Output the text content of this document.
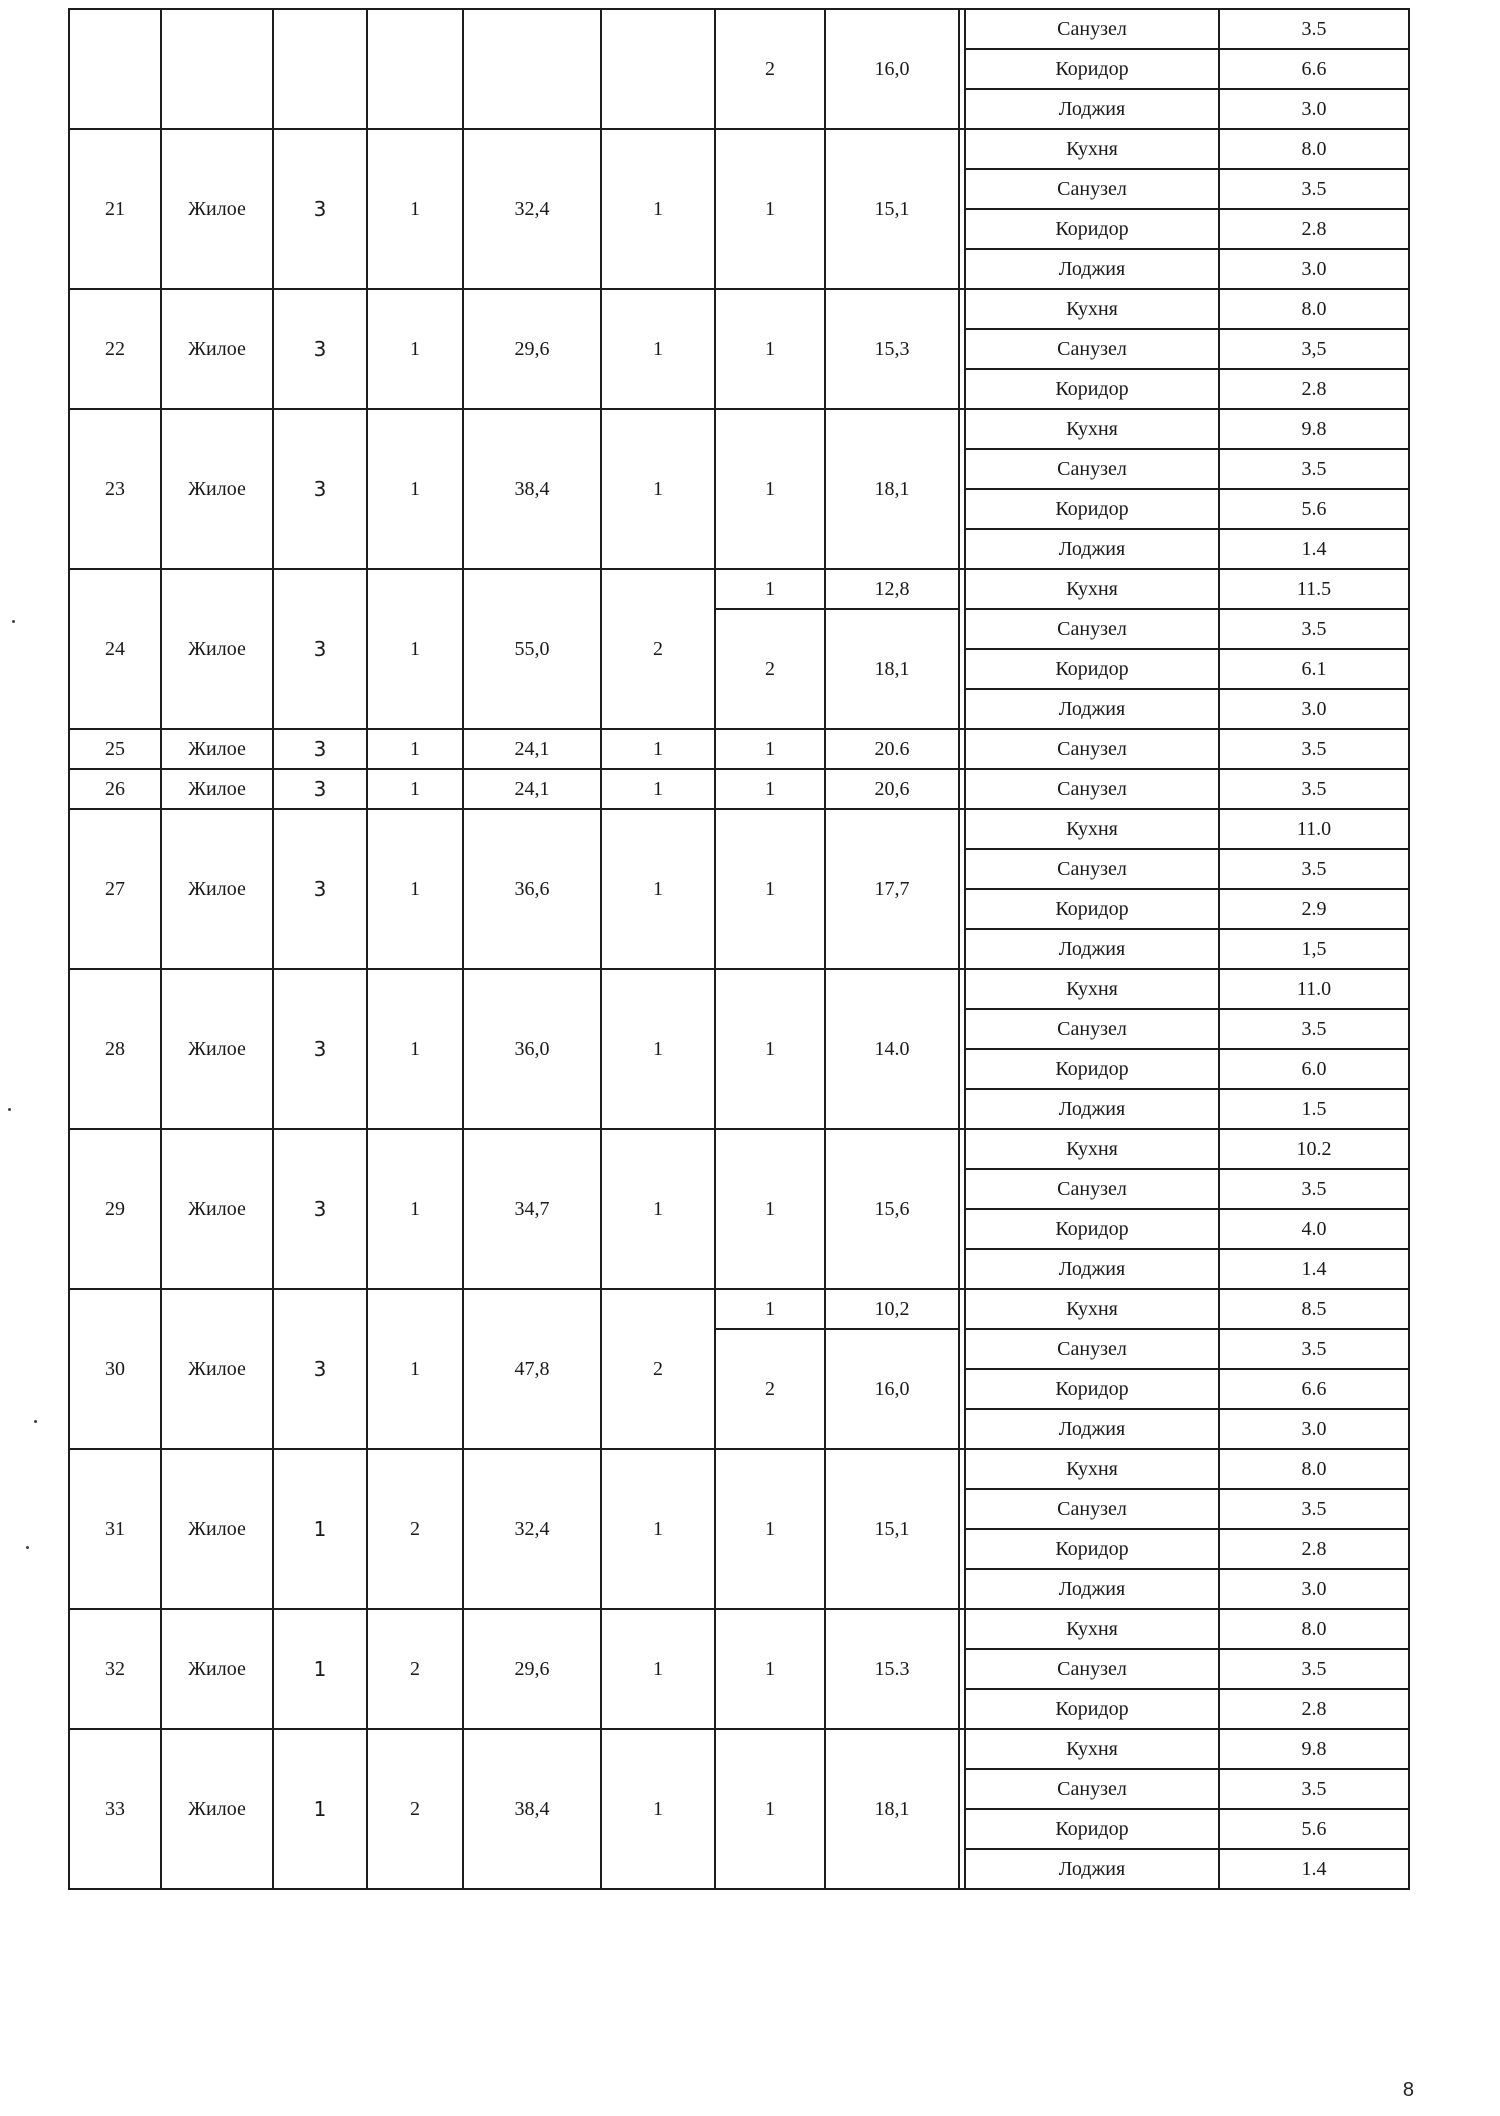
						2	16,0		Санузел	3.5
									Коридор	6.6
									Лоджия	3.0
21	Жилое	3	1	32,4	1	1	15,1		Кухня	8.0
									Санузел	3.5
									Коридор	2.8
									Лоджия	3.0
22	Жилое	3	1	29,6	1	1	15,3		Кухня	8.0
									Санузел	3,5
									Коридор	2.8
23	Жилое	3	1	38,4	1	1	18,1		Кухня	9.8
									Санузел	3.5
									Коридор	5.6
									Лоджия	1.4
24	Жилое	3	1	55,0	2	1	12,8		Кухня	11.5
						2	18,1		Санузел	3.5
									Коридор	6.1
									Лоджия	3.0
25	Жилое	3	1	24,1	1	1	20.6		Санузел	3.5

26	Жилое	3	1	24,1	1	1	20,6		Санузел	3.5

27	Жилое	3	1	36,6	1	1	17,7		Кухня	11.0
									Санузел	3.5
									Коридор	2.9
									Лоджия	1,5
28	Жилое	3	1	36,0	1	1	14.0		Кухня	11.0
									Санузел	3.5
									Коридор	6.0
									Лоджия	1.5
29	Жилое	3	1	34,7	1	1	15,6		Кухня	10.2
									Санузел	3.5
									Коридор	4.0
									Лоджия	1.4
30	Жилое	3	1	47,8	2	1	10,2		Кухня	8.5
						2	16,0		Санузел	3.5
									Коридор	6.6
									Лоджия	3.0
31	Жилое	1	2	32,4	1	1	15,1		Кухня	8.0
									Санузел	3.5
									Коридор	2.8
									Лоджия	3.0
32	Жилое	1	2	29,6	1	1	15.3		Кухня	8.0
									Санузел	3.5
									Коридор	2.8
33	Жилое	1	2	38,4	1	1	18,1		Кухня	9.8
									Санузел	3.5
									Коридор	5.6
									Лоджия	1.4
8
